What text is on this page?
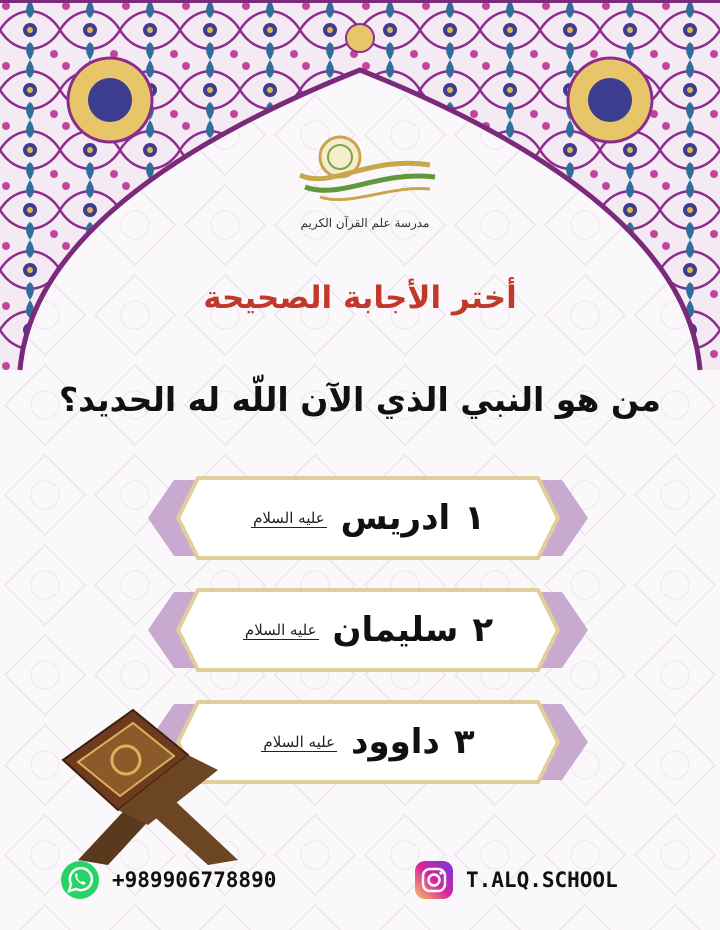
مدرسة علم القرآن الكريم
أختر الأجابة الصحيحة
من هو النبي الذي الآن اللّه له الحديد؟
١
ادريس
عليه السلام
٢
سليمان
عليه السلام
٣
داوود
عليه السلام
+989906778890	T.ALQ.SCHOOL
